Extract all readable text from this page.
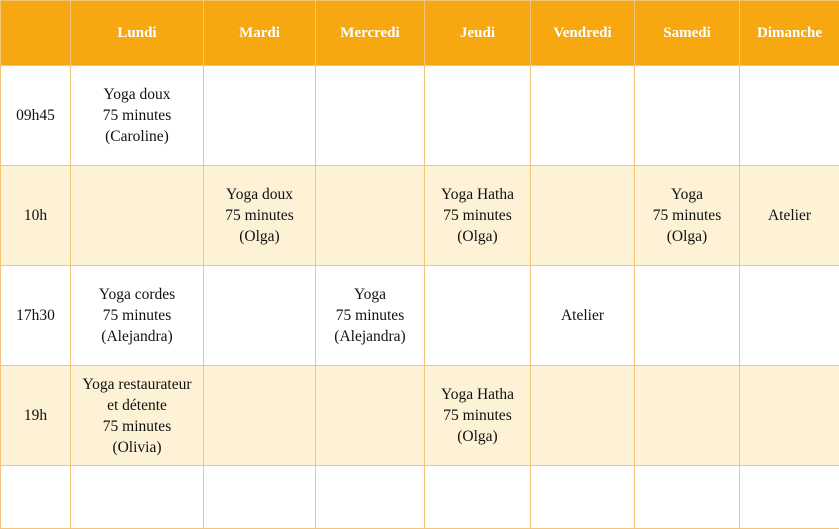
	Lundi	Mardi	Mercredi	Jeudi	Vendredi	Samedi	Dimanche
09h45	Yoga doux
75 minutes
(Caroline)						

10h		Yoga doux
75 minutes
(Olga)		Yoga Hatha
75 minutes
(Olga)		Yoga
75 minutes
(Olga)	Atelier

17h30	Yoga cordes
75 minutes
(Alejandra)		Yoga
75 minutes
(Alejandra)		Atelier		

19h	Yoga restaurateur
et détente
75 minutes
(Olivia)			Yoga Hatha
75 minutes
(Olga)			
